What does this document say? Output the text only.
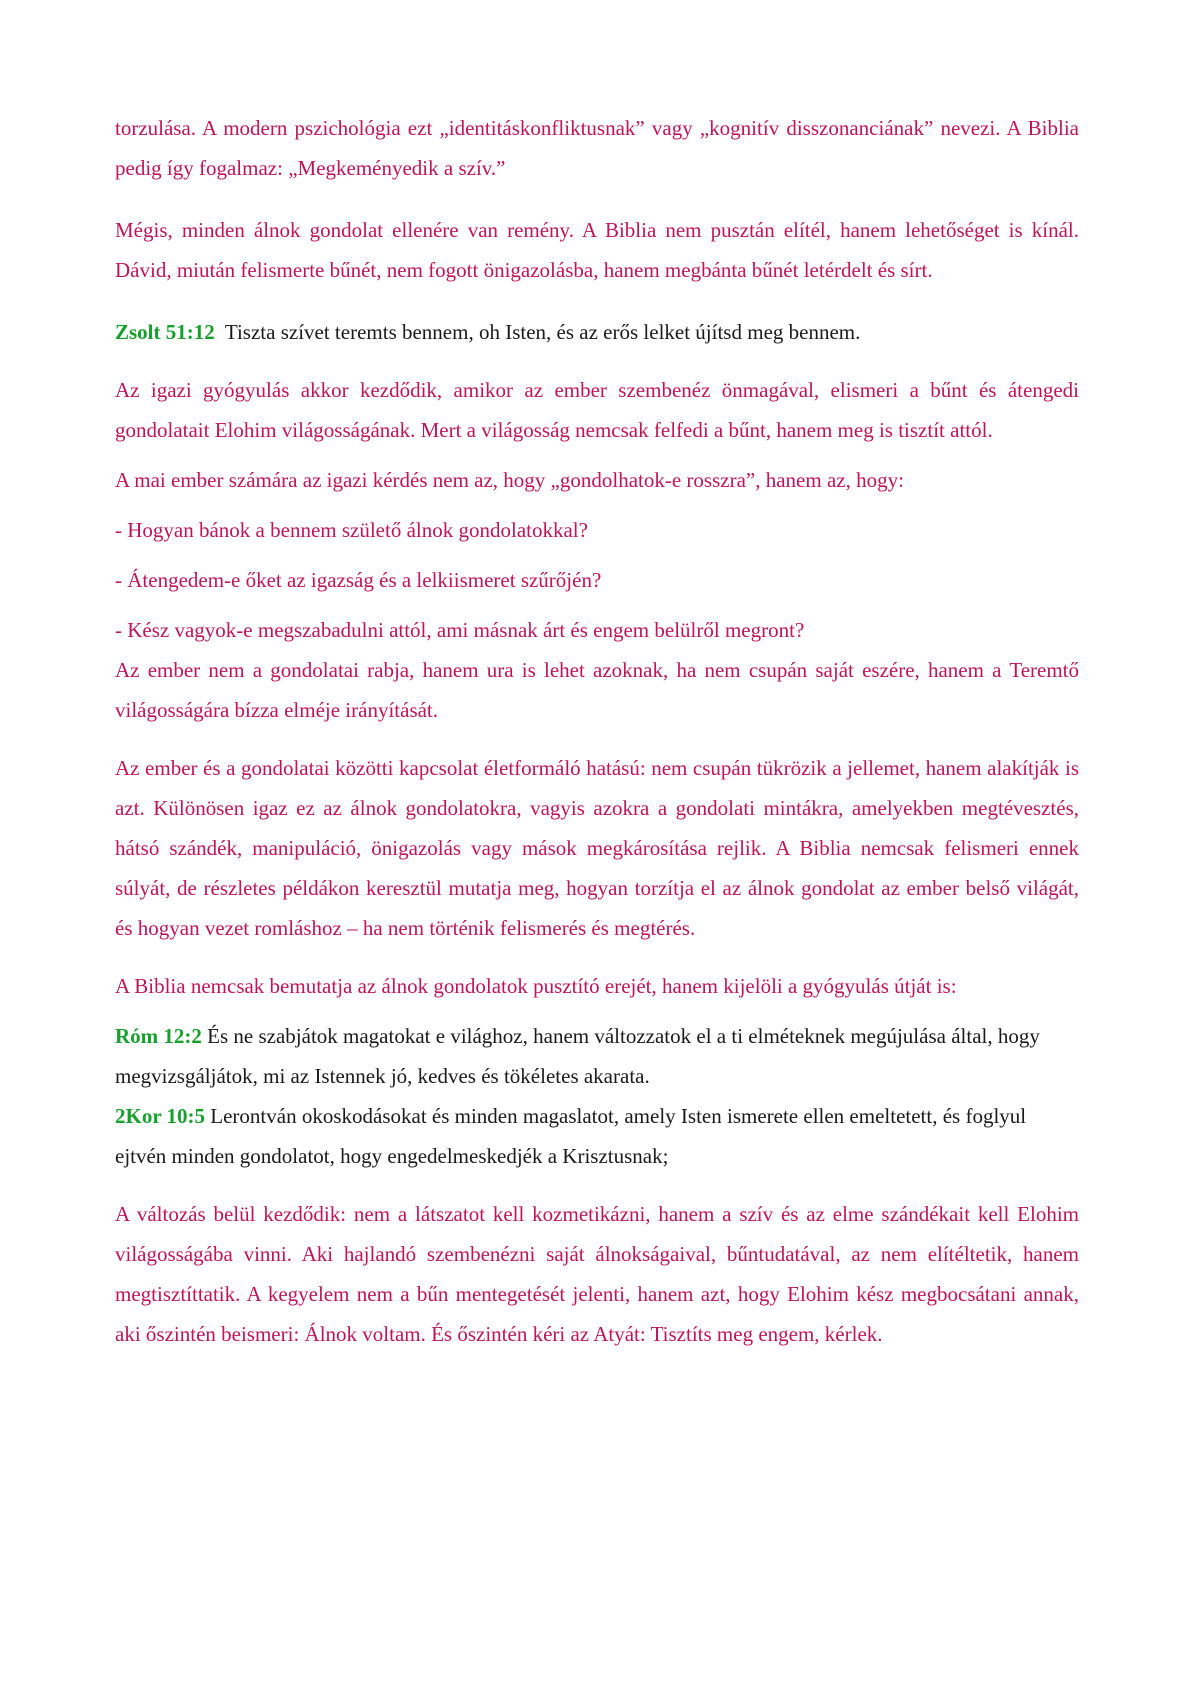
torzulása. A modern pszichológia ezt „identitáskonfliktusnak” vagy „kognitív disszonanciának” nevezi. A Biblia pedig így fogalmaz: „Megkeményedik a szív.”

Mégis, minden álnok gondolat ellenére van remény. A Biblia nem pusztán elítél, hanem lehetőséget is kínál. Dávid, miután felismerte bűnét, nem fogott önigazolásba, hanem megbánta bűnét letérdelt és sírt.

Zsolt 51:12 Tiszta szívet teremts bennem, oh Isten, és az erős lelket újítsd meg bennem.

Az igazi gyógyulás akkor kezdődik, amikor az ember szembenéz önmagával, elismeri a bűnt és átengedi gondolatait Elohim világosságának. Mert a világosság nemcsak felfedi a bűnt, hanem meg is tisztít attól.

A mai ember számára az igazi kérdés nem az, hogy „gondolhatok-e rosszra”, hanem az, hogy:

- Hogyan bánok a bennem születő álnok gondolatokkal?

- Átengedem-e őket az igazság és a lelkiismeret szűrőjén?

- Kész vagyok-e megszabadulni attól, ami másnak árt és engem belülről megront?

Az ember nem a gondolatai rabja, hanem ura is lehet azoknak, ha nem csupán saját eszére, hanem a Teremtő világosságára bízza elméje irányítását.

Az ember és a gondolatai közötti kapcsolat életformáló hatású: nem csupán tükrözik a jellemet, hanem alakítják is azt. Különösen igaz ez az álnok gondolatokra, vagyis azokra a gondolati mintákra, amelyekben megtévesztés, hátsó szándék, manipuláció, önigazolás vagy mások megkárosítása rejlik. A Biblia nemcsak felismeri ennek súlyát, de részletes példákon keresztül mutatja meg, hogyan torzítja el az álnok gondolat az ember belső világát, és hogyan vezet romláshoz – ha nem történik felismerés és megtérés.

A Biblia nemcsak bemutatja az álnok gondolatok pusztító erejét, hanem kijelöli a gyógyulás útját is:

Róm 12:2 És ne szabjátok magatokat e világhoz, hanem változzatok el a ti elméteknek megújulása által, hogy megvizsgáljátok, mi az Istennek jó, kedves és tökéletes akarata.

2Kor 10:5 Lerontván okoskodásokat és minden magaslatot, amely Isten ismerete ellen emeltetett, és foglyul ejtvén minden gondolatot, hogy engedelmeskedjék a Krisztusnak;

A változás belül kezdődik: nem a látszatot kell kozmetikázni, hanem a szív és az elme szándékait kell Elohim világosságába vinni. Aki hajlandó szembenézni saját álnokságaival, bűntudatával, az nem elítéltetik, hanem megtisztíttatik. A kegyelem nem a bűn mentegetését jelenti, hanem azt, hogy Elohim kész megbocsátani annak, aki őszintén beismeri: Álnok voltam. És őszintén kéri az Atyát: Tisztíts meg engem, kérlek.
